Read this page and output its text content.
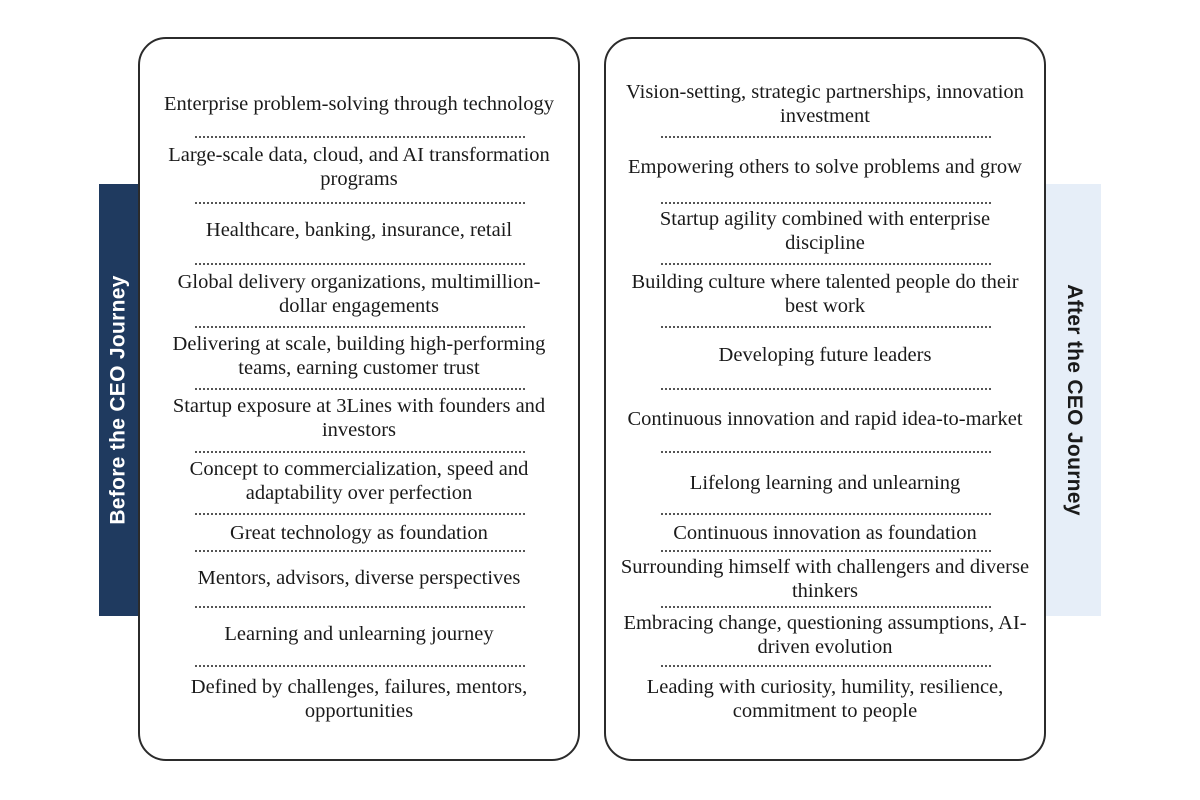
Before the CEO Journey
Enterprise problem-solving through technology
Large-scale data, cloud, and AI transformation programs
Healthcare, banking, insurance, retail
Global delivery organizations, multimillion-dollar engagements
Delivering at scale, building high-performing teams, earning customer trust
Startup exposure at 3Lines with founders and investors
Concept to commercialization, speed and adaptability over perfection
Great technology as foundation
Mentors, advisors, diverse perspectives
Learning and unlearning journey
Defined by challenges, failures, mentors, opportunities
Vision-setting, strategic partnerships, innovation investment
Empowering others to solve problems and grow
Startup agility combined with enterprise discipline
Building culture where talented people do their best work
Developing future leaders
Continuous innovation and rapid idea-to-market
Lifelong learning and unlearning
Continuous innovation as foundation
Surrounding himself with challengers and diverse thinkers
Embracing change, questioning assumptions, AI-driven evolution
Leading with curiosity, humility, resilience, commitment to people
After the CEO Journey
